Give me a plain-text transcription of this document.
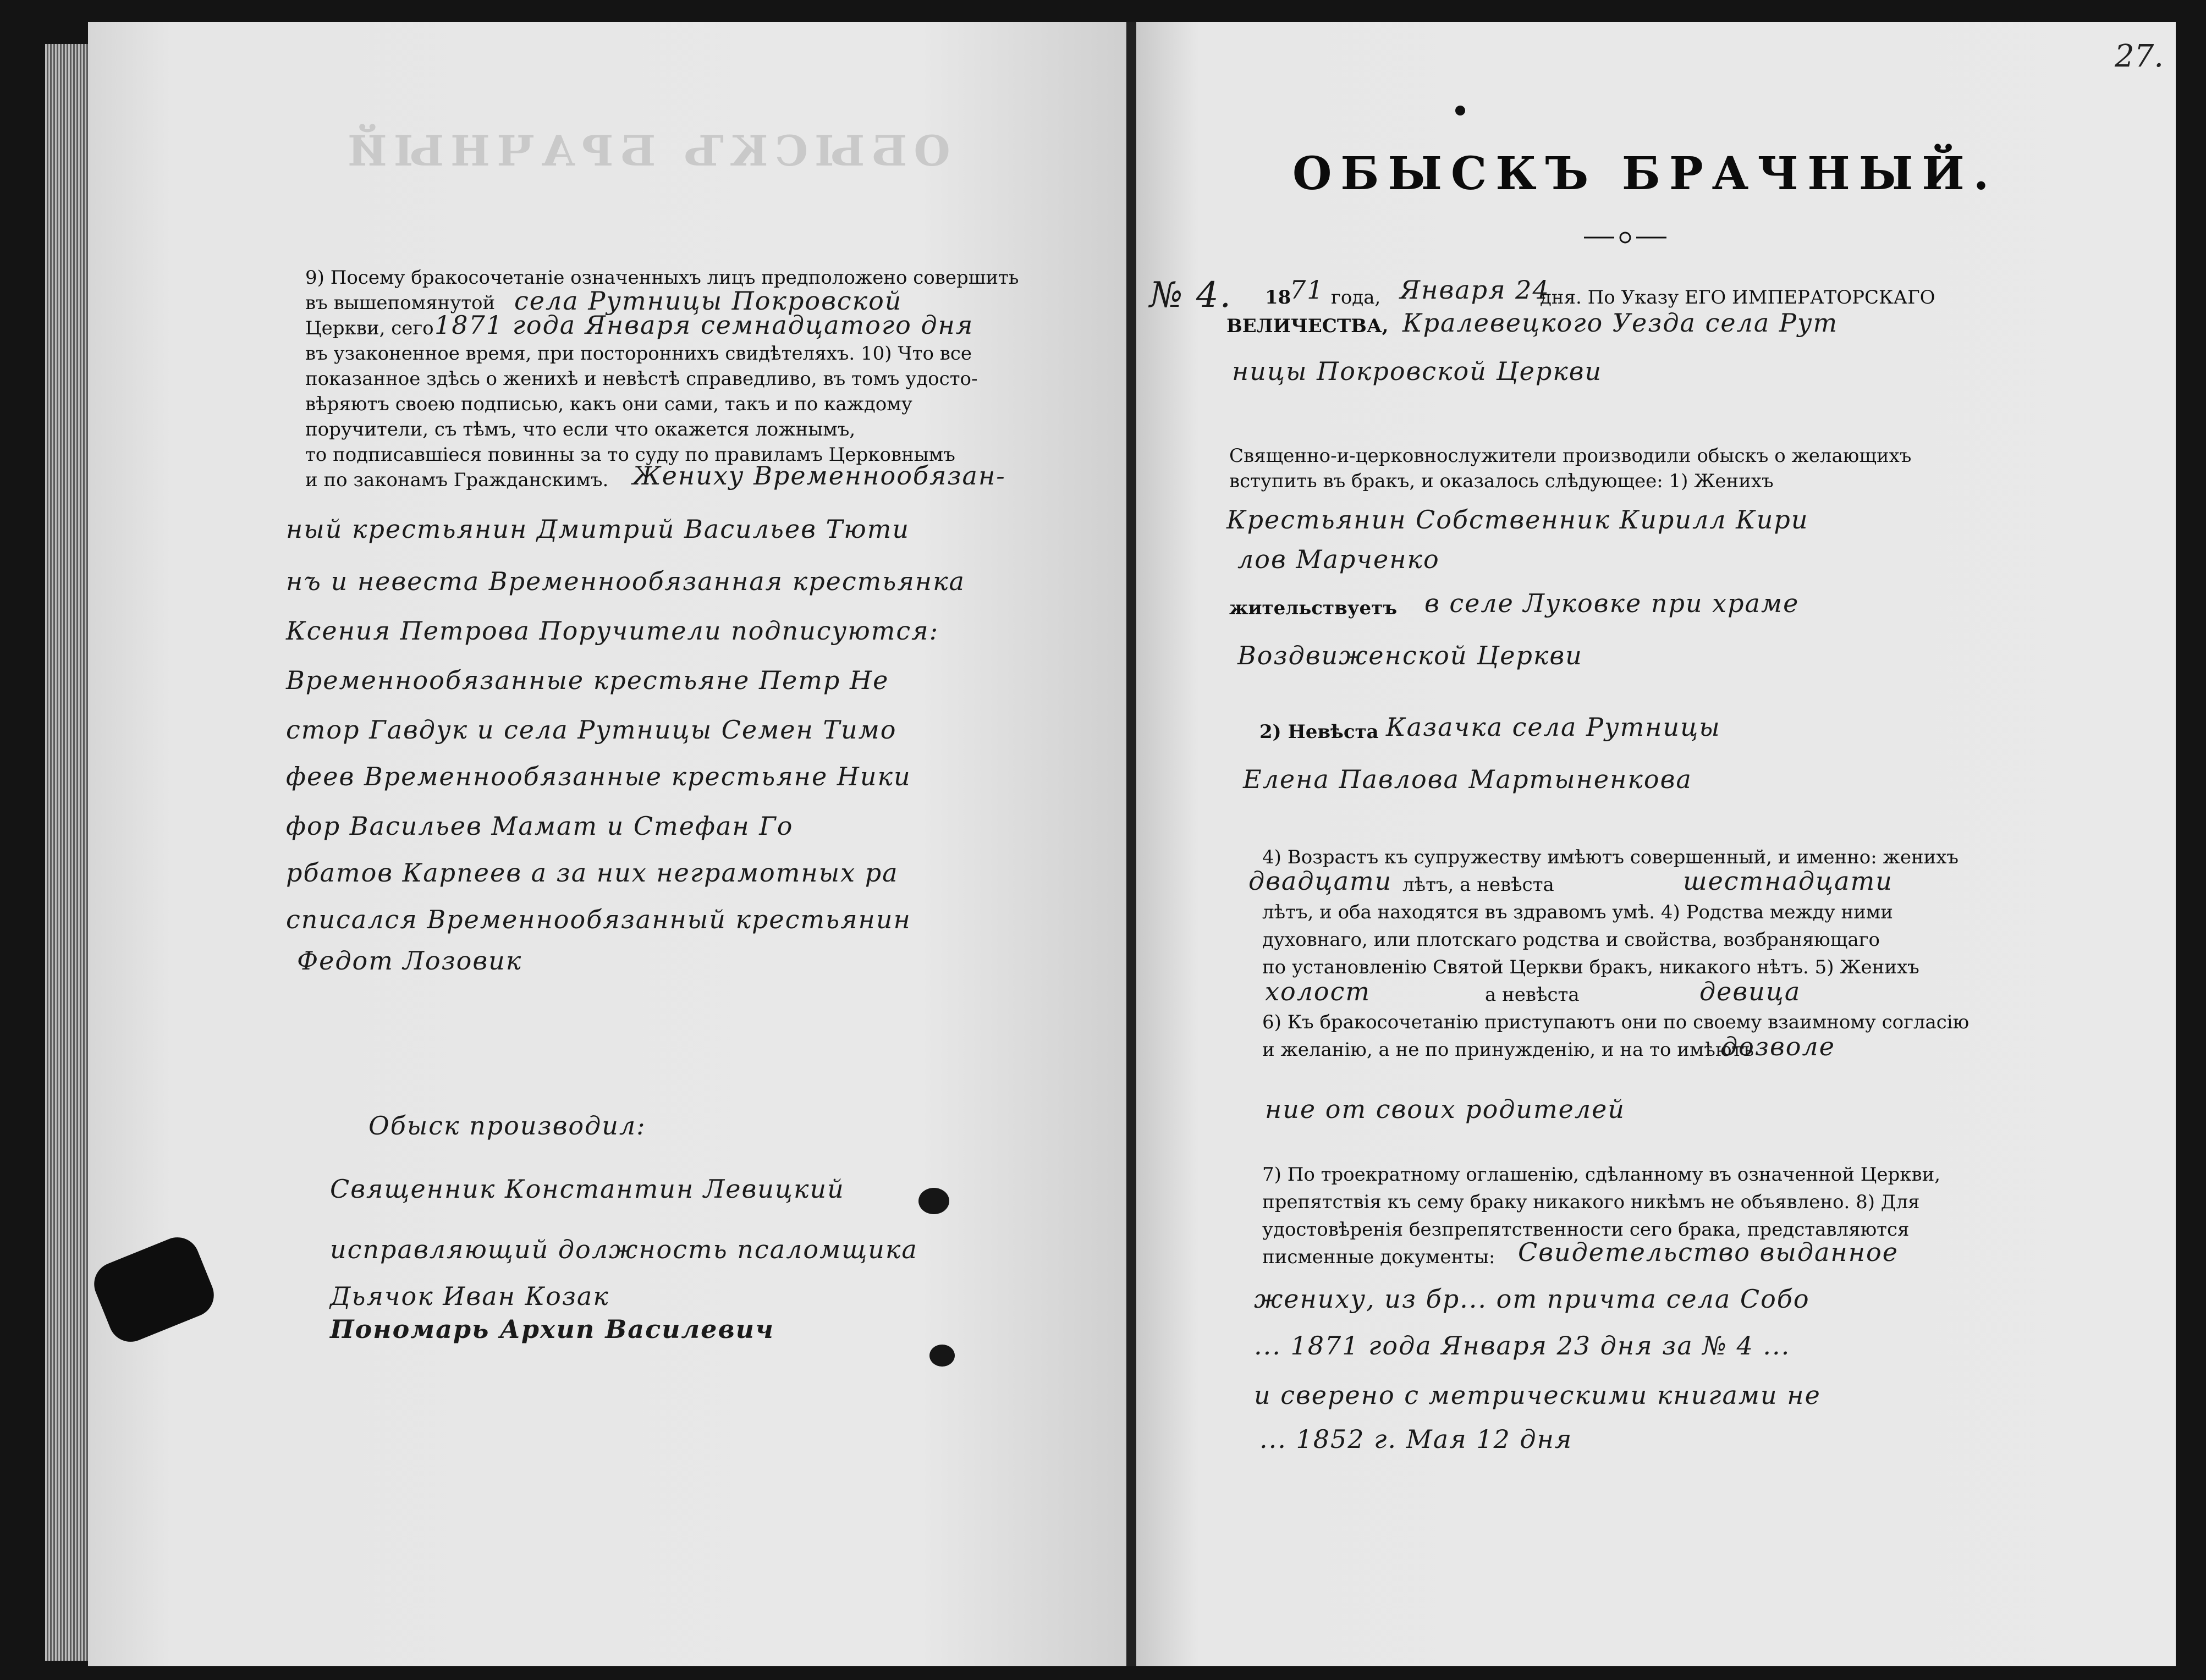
ОБЫСКЪ БРАЧНЫЙ
9) Посему бракосочетанiе означенныхъ лицъ предположено совершить
въ вышепомянутой села Рутницы Покровской
Церкви, сего 1871 года Января семнадцатого дня
въ узаконенное время, при постороннихъ свидѣтеляхъ. 10) Что все
показанное здѣсь о женихѣ и невѣстѣ справедливо, въ томъ удосто-
вѣряютъ своею подписью, какъ они сами, такъ и по каждому
поручители, съ тѣмъ, что если что окажется ложнымъ,
то подписавшiеся повинны за то суду по правиламъ Церковнымъ
и по законамъ Гражданскимъ. Жениху Временнообязан-
ный крестьянин Дмитрий Васильев Тюти
нъ и невеста Временнообязанная крестьянка
Ксения Петрова Поручители подписуются:
Временнообязанные крестьяне Петр Не
стор Гавдук и села Рутницы Семен Тимо
феев Временнообязанные крестьяне Ники
фор Васильев Мамат и Стефан Го
рбатов Карпеев а за них неграмотных ра
списался Временнообязанный крестьянин
Федот Лозовик
Обыск производил:
Священник Константин Левицкий
исправляющий должность псаломщика
Дьячок Иван Козак
Пономарь Архип Василевич
27.
ОБЫСКЪ БРАЧНЫЙ.
№ 4. 18
71 года, Января 24
дня. По Указу ЕГО ИМПЕРАТОРСКАГО
ВЕЛИЧЕСТВА, Кралевецкого Уезда села Рут
ницы Покровской Церкви
Священно-и-церковнослужители производили обыскъ о желающихъ
вступить въ бракъ, и оказалось слѣдующее: 1) Женихъ
Крестьянин Собственник Кирилл Кири
лов Марченко
жительствуетъ в селе Луковке при храме
Воздвиженской Церкви
2) Невѣста Казачка села Рутницы
Елена Павлова Мартыненкова
4) Возрастъ къ супружеству имѣютъ совершенный, и именно: женихъ
двадцати лѣтъ, а невѣста	шестнадцати
лѣтъ, и оба находятся въ здравомъ умѣ. 4) Родства между ними
духовнаго, или плотскаго родства и свойства, возбраняющаго
по установленiю Святой Церкви бракъ, никакого нѣтъ. 5) Женихъ
холост	а невѣста	девица
6) Къ бракосочетанiю приступаютъ они по своему взаимному согласiю
и желанiю, а не по принужденiю, и на то имѣютъ
дозволе
ние от своих родителей
7) По троекратному оглашенiю, сдѣланному въ означенной Церкви,
препятствiя къ сему браку никакого никѣмъ не объявлено. 8) Для
удостовѣренiя безпрепятственности сего брака, представляются
писменные документы: Свидетельство выданное
жениху, из бр... от причта села Собо
... 1871 года Января 23 дня за № 4 ...
и сверено с метрическими книгами не
... 1852 г. Мая 12 дня
